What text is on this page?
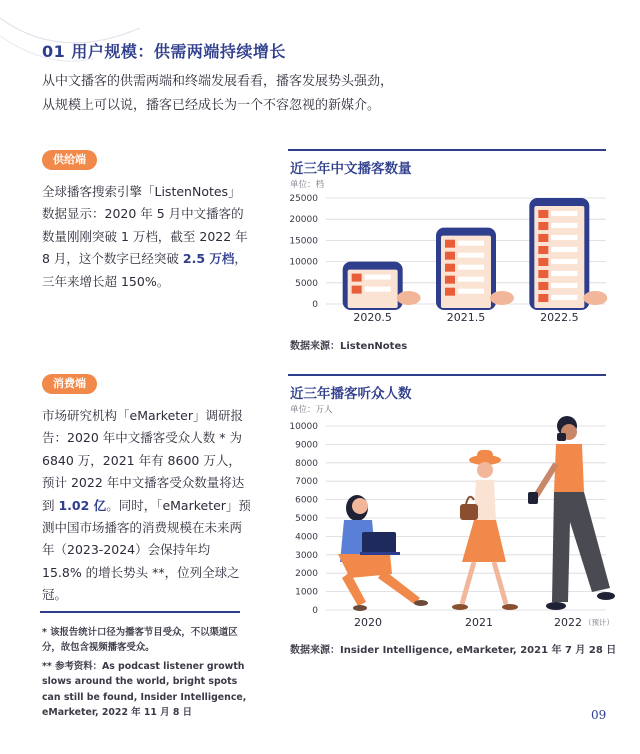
01 用户规模：供需两端持续增长
从中文播客的供需两端和终端发展看看，播客发展势头强劲，
从规模上可以说，播客已经成长为一个不容忽视的新媒介。
供给端
全球播客搜索引擎「ListenNotes」数据显示：2020 年 5 月中文播客的数量刚刚突破 1 万档，截至 2022 年 8 月，这个数字已经突破 2.5 万档，三年来增长超 150%。
消费端
市场研究机构「eMarketer」调研报告：2020 年中文播客受众人数 * 为 6840 万，2021 年有 8600 万人，预计 2022 年中文播客受众数量将达到 1.02 亿。同时，「eMarketer」预测中国市场播客的消费规模在未来两年（2023-2024）会保持年均 15.8% 的增长势头 **，位列全球之冠。

* 该报告统计口径为播客节目受众，不以渠道区分，故包含视频播客受众。

** 参考资料：As podcast listener growth slows around the world, bright spots can still be found, Insider Intelligence, eMarketer, 2022 年 11 月 8 日

近三年中文播客数量
单位：档
0
5000
10000
15000
20000
25000
2020.5	2021.5	2022.5
数据来源：ListenNotes
近三年播客听众人数
单位：万人
0
1000
2000
3000
4000
5000
6000
7000
8000
9000
10000
2020	2021	2022 （预计）
数据来源：Insider Intelligence, eMarketer, 2021 年 7 月 28 日
09
